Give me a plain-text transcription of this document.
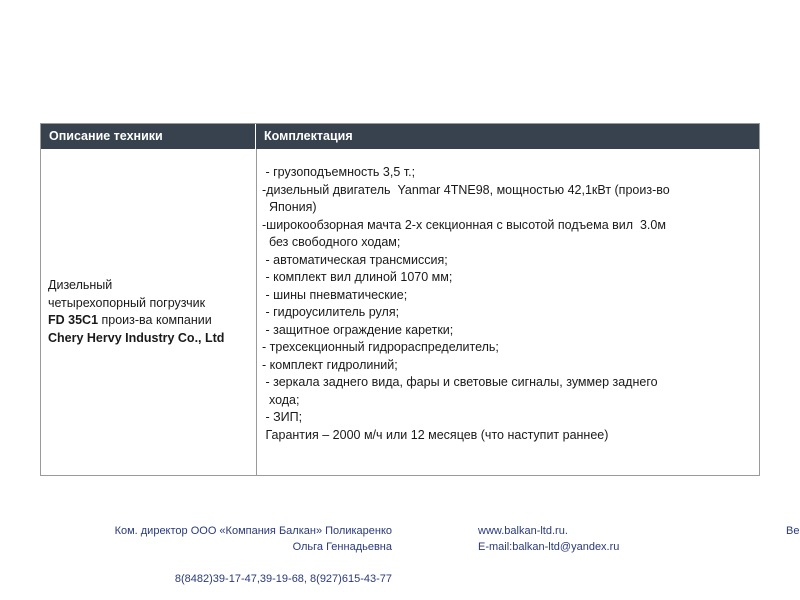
Описание техники	Комплектация
Дизельный
четырехопорный погрузчик
FD 35С1 произ-ва компании
Chery Hervy Industry Co., Ltd
- грузоподъемность 3,5 т.;
-дизельный двигатель  Yanmar 4TNE98, мощностью 42,1кВт (произ-во
Япония)
-широкообзорная мачта 2-х секционная с высотой подъема вил  3.0м
без свободного ходам;
- автоматическая трансмиссия;
- комплект вил длиной 1070 мм;
- шины пневматические;
- гидроусилитель руля;
- защитное ограждение каретки;
- трехсекционный гидрораспределитель;
- комплект гидролиний;
- зеркала заднего вида, фары и световые сигналы, зуммер заднего
хода;
- ЗИП;
Гарантия – 2000 м/ч или 12 месяцев (что наступит раннее)
Ком. директор ООО «Компания Балкан» Поликаренко
Ольга Геннадьевна
8(8482)39-17-47,39-19-68, 8(927)615-43-77
www.balkan-ltd.ru.
E-mail:balkan-ltd@yandex.ru
Ве
